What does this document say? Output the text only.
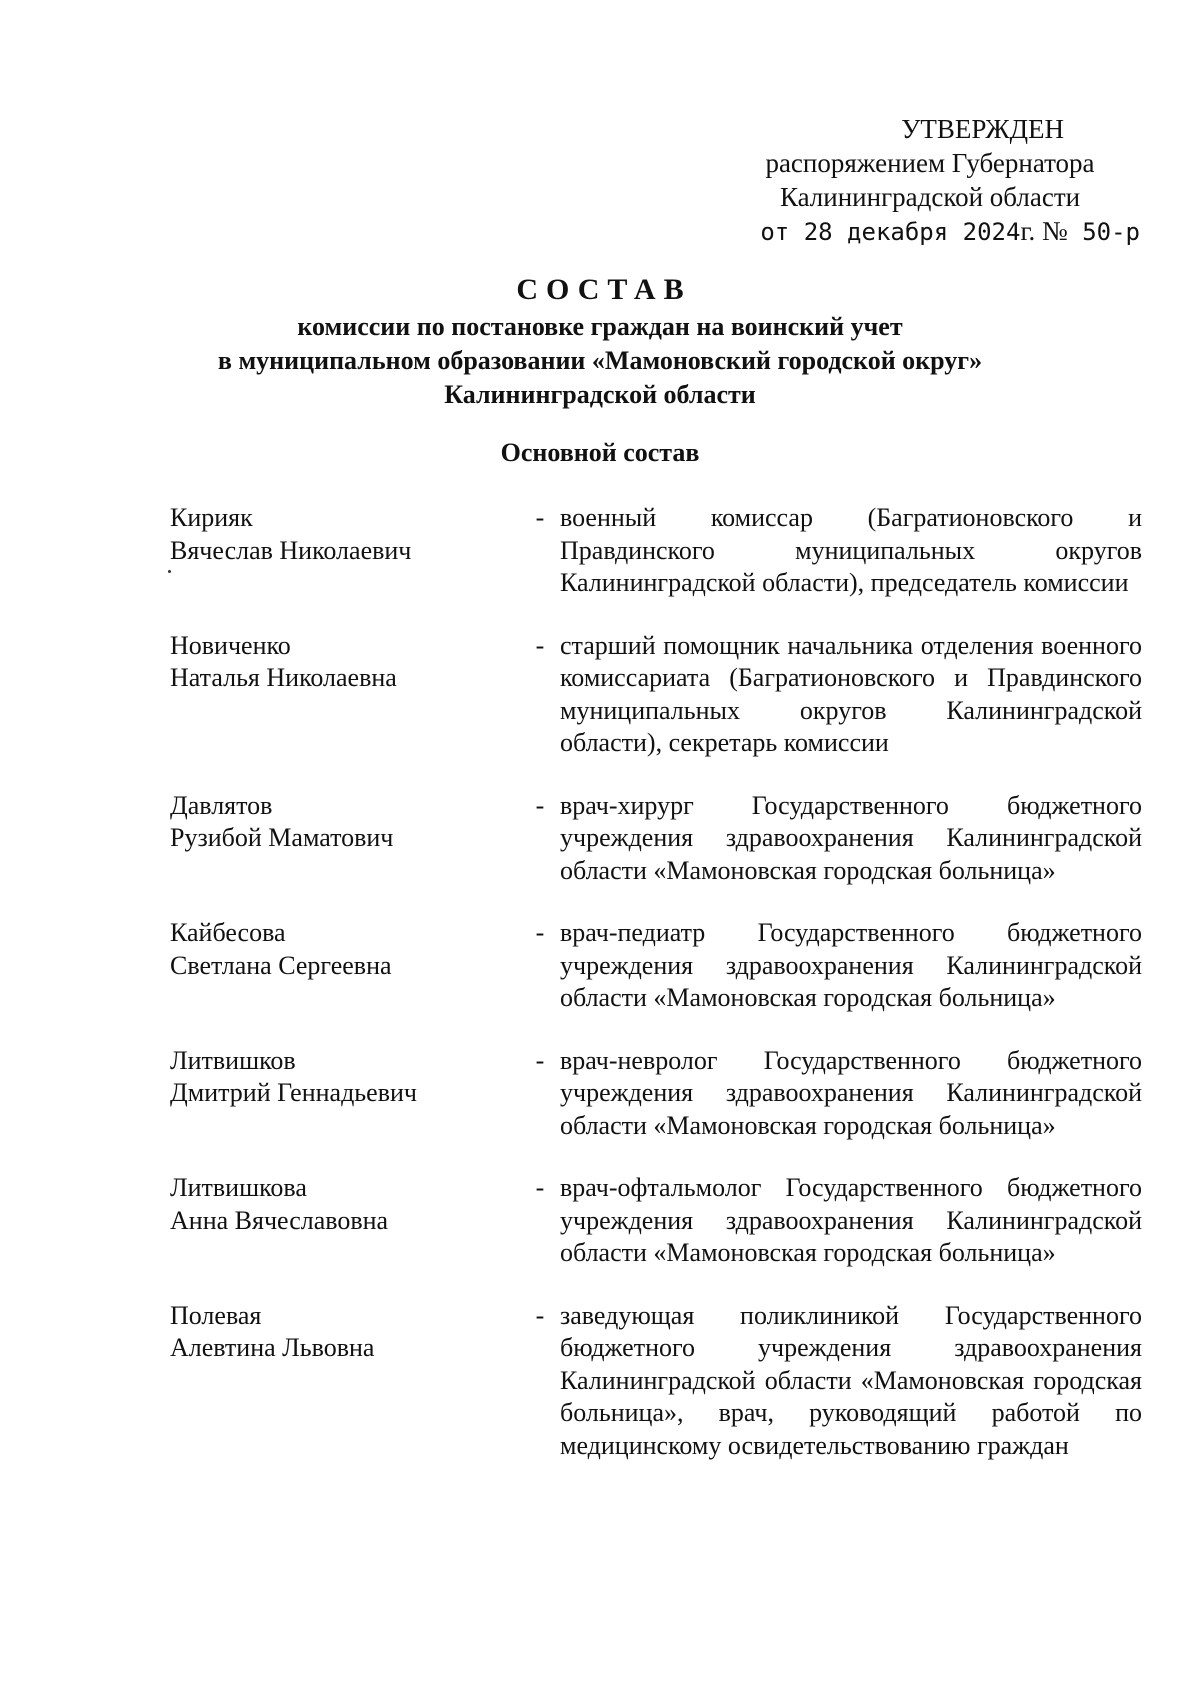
УТВЕРЖДЕН
распоряжением Губернатора
Калининградской области
от 28 декабря 2024г. № 50-р
СОСТАВ
комиссии по постановке граждан на воинский учет
в муниципальном образовании «Мамоновский городской округ»
Калининградской области
Основной состав
Кирияк
Вячеслав Николаевич
- военный комиссар (Багратионовского и Правдинского муниципальных округов Калининградской области), председатель комиссии
Новиченко
Наталья Николаевна
- старший помощник начальника отделения военного комиссариата (Багратионовского и Правдинского муниципальных округов Калининградской области), секретарь комиссии
Давлятов
Рузибой Маматович
- врач-хирург Государственного бюджетного учреждения здравоохранения Калининградской области «Мамоновская городская больница»
Кайбесова
Светлана Сергеевна
- врач-педиатр Государственного бюджетного учреждения здравоохранения Калининградской области «Мамоновская городская больница»
Литвишков
Дмитрий Геннадьевич
- врач-невролог Государственного бюджетного учреждения здравоохранения Калининградской области «Мамоновская городская больница»
Литвишкова
Анна Вячеславовна
- врач-офтальмолог Государственного бюджетного учреждения здравоохранения Калининградской области «Мамоновская городская больница»
Полевая
Алевтина Львовна
- заведующая поликлиникой Государственного бюджетного учреждения здравоохранения Калининградской области «Мамоновская городская больница», врач, руководящий работой по медицинскому освидетельствованию граждан
